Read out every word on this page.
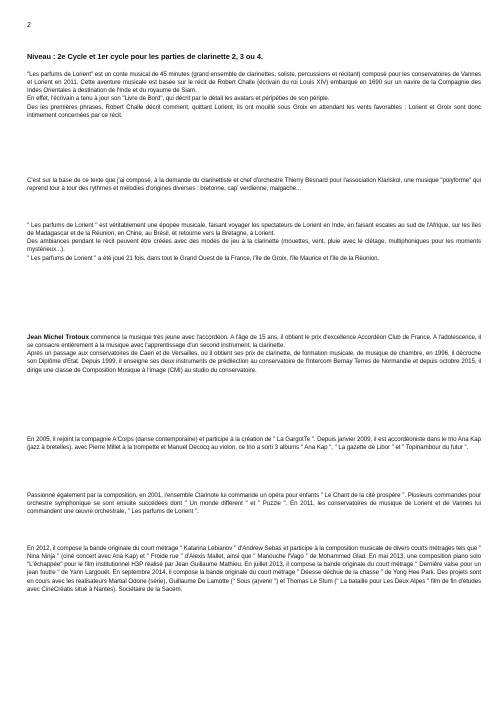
2
Niveau : 2e Cycle et 1er cycle pour les parties de clarinette 2, 3 ou 4.

"Les parfums de Lorient" est un conte musical de 45 minutes (grand ensemble de clarinettes, soliste, percussions et récitant) composé pour les conservatoires de Vannes et Lorient en 2011. Cette aventure musicale est basée sur le récit de Robert Challe (écrivain du roi Louis XIV) embarqué en 1690 sur un navire de la Compagnie des Indes Orientales à destination de l'Inde et du royaume de Siam.

En effet, l'écrivain a tenu à jour son "Livre de Bord", qui décrit par le détail les avatars et péripéties de son périple.

Des les premières phrases, Robert Challe décrit comment, quittant Lorient, ils ont mouillé sous Groix en attendant les vents favorables : Lorient et Groix sont donc intimement concernées par ce récit.

C'est sur la base de ce texte que j'ai composé, à la demande du clarinettiste et chef d'orchestre Thierry Besnard pour l'association Klariskol, une musique "polyforme" qui reprend tour à tour des rythmes et mélodies d'origines diverses : bretonne, cap' verdienne, malgache...

" Les parfums de Lorient " est véritablement une épopée musicale, faisant voyager les spectateurs de Lorient en Inde, en faisant escales au sud de l'Afrique, sur les îles de Madagascar et de la Réunion, en Chine, au Brésil, et retourne vers la Bretagne, à Lorient.

Des ambiances pendant le récit peuvent être créées avec des modes de jeu à la clarinette (mouettes, vent, pluie avec le clétage, multiphoniques pour les moments mystérieux...).

" Les parfums de Lorient " a été joué 21 fois, dans tout le Grand Ouest de la France, l'île de Groix, l'île Maurice et l'île de la Réunion.

Jean Michel Trotoux commence la musique très jeune avec l'accordéon. A l'âge de 15 ans, il obtient le prix d'excellence Accordéon Club de France. A l'adolescence, il se consacre entièrement à la musique avec l'apprentissage d'un second instrument, la clarinette.

Après un passage aux conservatoires de Caen et de Versailles, où il obtient ses prix de clarinette, de formation musicale, de musique de chambre, en 1996, il décroche son Diplôme d'Etat. Depuis 1999, il enseigne ses deux instruments de prédilection au conservatoire de l'Intercom Bernay Terres de Normandie et depuis octobre 2015, il dirige une classe de Composition Musique à l'image (CMI) au studio du conservatoire.

En 2005, il rejoint la compagnie A'Corps (danse contemporaine) et participe à la création de " La GargotTe ". Depuis janvier 2009, il est accordéoniste dans le trio Ana Kap (jazz à bretelles), avec Pierre Millet à la trompette et Manuel Decocq au violon, ce trio a sorti 3 albums " Ana Kap ", " La gazette de Libor " et " Topinambour du futur ".

Passionné également par la composition, en 2001, l'ensemble Clarinote lui commande un opéra pour enfants " Le Chant de la cité prospère ". Plusieurs commandes pour orchestre symphonique se sont ensuite succédées dont " Un monde différent " et " Puzzle ". En 2011, les conservatoires de musique de Lorient et de Vannes lui commandent une œuvre orchestrale, " Les parfums de Lorient ".

En 2012, il compose la bande originale du court métrage " Katarina Lebianov " d'Andrew Sebas et participe à la composition musicale de divers courts métrages tels que " Nina Ninja " (ciné concert avec Ana Kap) et " Froide rue " d'Alexis Mallet, ainsi que " Manouche l'Vago " de Mohammed Glad. En mai 2013, une composition piano solo "L'échappée" pour le film institutionnel H3P réalisé par Jean Guillaume Mathieu. En juillet 2013, il compose la bande originale du court métrage " Dernière valse pour un jean foutre " de Yann Largouët. En septembre 2014, il compose la bande originale du court métrage " Déesse déchue de la chasse " de Yong Hee Park. Des projets sont en cours avec les réalisateurs Martial Odone (série), Guillaume De Lamotte (" Sous (a)venir ") et Thomas Le Stum (" La bataille pour Les Deux Alpes " film de fin d'études avec CinéCréatis situé à Nantes). Sociétaire de la Sacem.
